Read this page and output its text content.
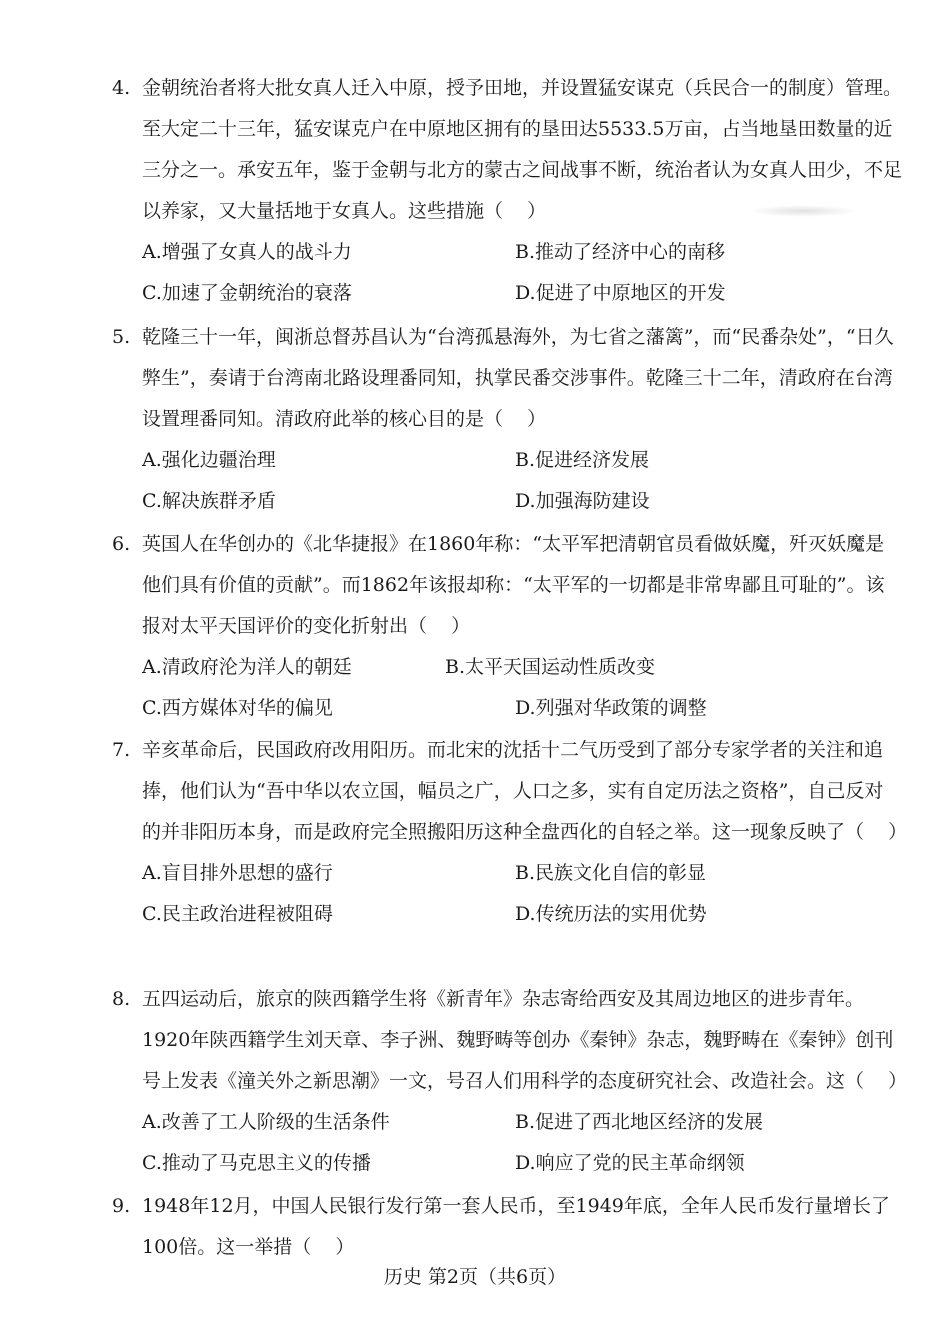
4. 金朝统治者将大批女真人迁入中原，授予田地，并设置猛安谋克（兵民合一的制度）管理。至大定二十三年，猛安谋克户在中原地区拥有的垦田达5533.5万亩，占当地垦田数量的近三分之一。承安五年，鉴于金朝与北方的蒙古之间战事不断，统治者认为女真人田少，不足以养家，又大量括地于女真人。这些措施（    ）
A.增强了女真人的战斗力	B.推动了经济中心的南移
C.加速了金朝统治的衰落	D.促进了中原地区的开发
5. 乾隆三十一年，闽浙总督苏昌认为“台湾孤悬海外，为七省之藩篱”，而“民番杂处”，“日久弊生”，奏请于台湾南北路设理番同知，执掌民番交涉事件。乾隆三十二年，清政府在台湾设置理番同知。清政府此举的核心目的是（    ）
A.强化边疆治理	B.促进经济发展
C.解决族群矛盾	D.加强海防建设
6. 英国人在华创办的《北华捷报》在1860年称：“太平军把清朝官员看做妖魔，歼灭妖魔是他们具有价值的贡献”。而1862年该报却称：“太平军的一切都是非常卑鄙且可耻的”。该报对太平天国评价的变化折射出（    ）
A.清政府沦为洋人的朝廷	B.太平天国运动性质改变
C.西方媒体对华的偏见	D.列强对华政策的调整
7. 辛亥革命后，民国政府改用阳历。而北宋的沈括十二气历受到了部分专家学者的关注和追捧，他们认为“吾中华以农立国，幅员之广，人口之多，实有自定历法之资格”，自己反对的并非阳历本身，而是政府完全照搬阳历这种全盘西化的自轻之举。这一现象反映了（    ）
A.盲目排外思想的盛行	B.民族文化自信的彰显
C.民主政治进程被阻碍	D.传统历法的实用优势
8. 五四运动后，旅京的陕西籍学生将《新青年》杂志寄给西安及其周边地区的进步青年。1920年陕西籍学生刘天章、李子洲、魏野畴等创办《秦钟》杂志，魏野畴在《秦钟》创刊号上发表《潼关外之新思潮》一文，号召人们用科学的态度研究社会、改造社会。这（    ）
A.改善了工人阶级的生活条件	B.促进了西北地区经济的发展
C.推动了马克思主义的传播	D.响应了党的民主革命纲领
9. 1948年12月，中国人民银行发行第一套人民币，至1949年底，全年人民币发行量增长了100倍。这一举措（    ）
历史 第2页（共6页）
